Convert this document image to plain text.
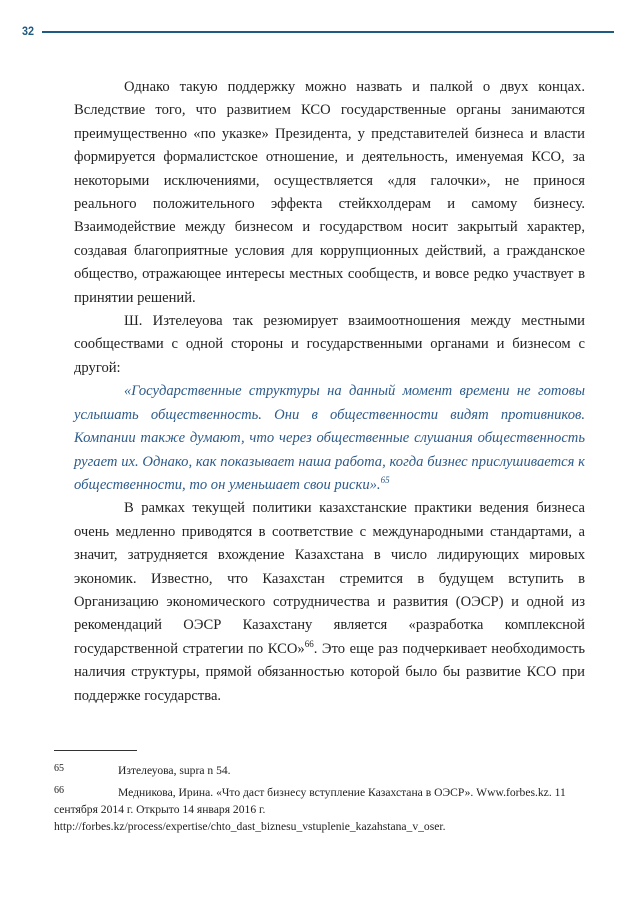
32

Однако такую поддержку можно назвать и палкой о двух концах. Вследствие того, что развитием КСО государственные органы занимаются преимущественно «по указке» Президента, у представителей бизнеса и власти формируется формалистское отношение, и деятельность, именуемая КСО, за некоторыми исключениями, осуществляется «для галочки», не принося реального положительного эффекта стейкхолдерам и самому бизнесу. Взаимодействие между бизнесом и государством носит закрытый характер, создавая благоприятные условия для коррупционных действий, а гражданское общество, отражающее интересы местных сообществ, и вовсе редко участвует в принятии решений.

Ш. Изтелеуова так резюмирует взаимоотношения между местными сообществами с одной стороны и государственными органами и бизнесом с другой:

«Государственные структуры на данный момент времени не готовы услышать общественность. Они в общественности видят противников. Компании также думают, что через общественные слушания общественность ругает их. Однако, как показывает наша работа, когда бизнес прислушивается к общественности, то он уменьшает свои риски».$^{65}$

В рамках текущей политики казахстанские практики ведения бизнеса очень медленно приводятся в соответствие с международными стандартами, а значит, затрудняется вхождение Казахстана в число лидирующих мировых экономик. Известно, что Казахстан стремится в будущем вступить в Организацию экономического сотрудничества и развития (ОЭСР) и одной из рекомендаций ОЭСР Казахстану является «разработка комплексной государственной стратегии по КСО»$^{66}$. Это еще раз подчеркивает необходимость наличия структуры, прямой обязанностью которой было бы развитие КСО при поддержке государства.

65	Изтелеуова, supra n 54.

66	Медникова, Ирина. «Что даст бизнесу вступление Казахстана в ОЭСР». Www.forbes.kz. 11 сентября 2014 г. Открыто 14 января 2016 г. http://forbes.kz/process/expertise/chto_dast_biznesu_vstuplenie_kazahstana_v_oser.
